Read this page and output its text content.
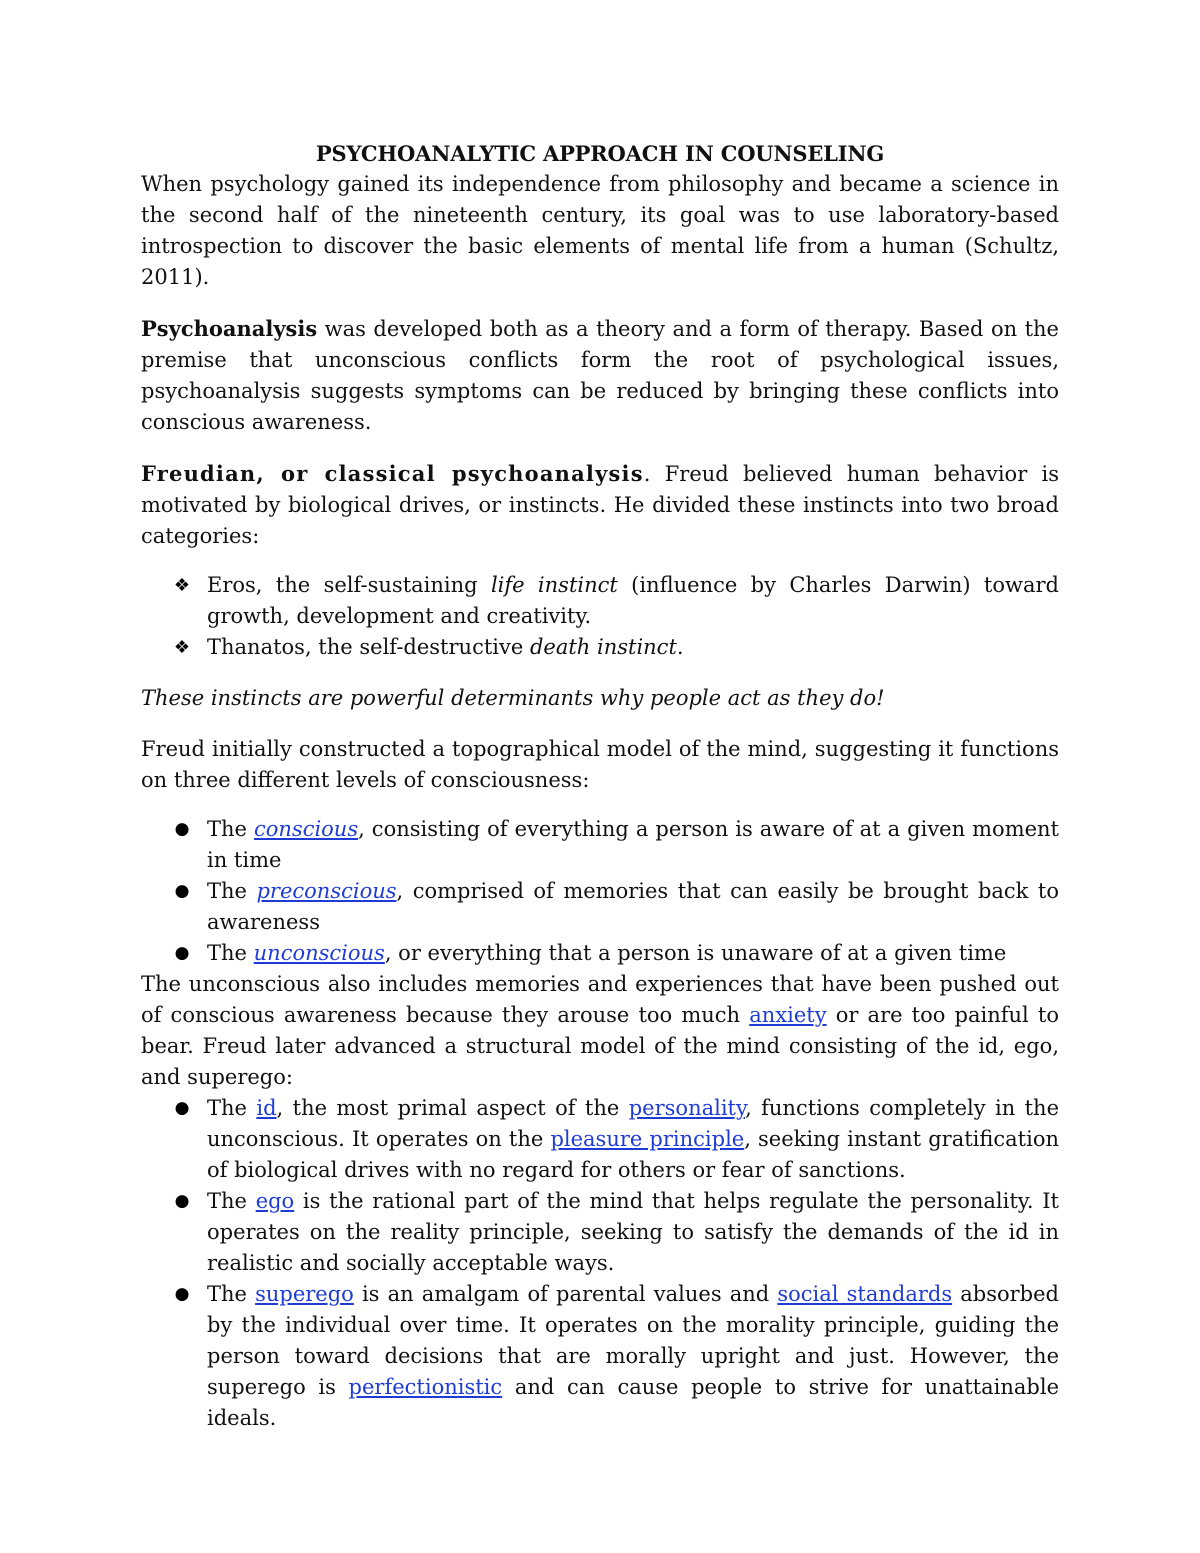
PSYCHOANALYTIC APPROACH IN COUNSELING

When psychology gained its independence from philosophy and became a science in the second half of the nineteenth century, its goal was to use laboratory-based introspection to discover the basic elements of mental life from a human (Schultz, 2011).

Psychoanalysis was developed both as a theory and a form of therapy. Based on the premise that unconscious conflicts form the root of psychological issues, psychoanalysis suggests symptoms can be reduced by bringing these conflicts into conscious awareness.

Freudian, or classical psychoanalysis. Freud believed human behavior is motivated by biological drives, or instincts. He divided these instincts into two broad categories:

❖ Eros, the self-sustaining life instinct (influence by Charles Darwin) toward growth, development and creativity.
❖ Thanatos, the self-destructive death instinct.

These instincts are powerful determinants why people act as they do!

Freud initially constructed a topographical model of the mind, suggesting it functions on three different levels of consciousness:

● The conscious, consisting of everything a person is aware of at a given moment in time
● The preconscious, comprised of memories that can easily be brought back to awareness
● The unconscious, or everything that a person is unaware of at a given time

The unconscious also includes memories and experiences that have been pushed out of conscious awareness because they arouse too much anxiety or are too painful to bear. Freud later advanced a structural model of the mind consisting of the id, ego, and superego:

● The id, the most primal aspect of the personality, functions completely in the unconscious. It operates on the pleasure principle, seeking instant gratification of biological drives with no regard for others or fear of sanctions.
● The ego is the rational part of the mind that helps regulate the personality. It operates on the reality principle, seeking to satisfy the demands of the id in realistic and socially acceptable ways.
● The superego is an amalgam of parental values and social standards absorbed by the individual over time. It operates on the morality principle, guiding the person toward decisions that are morally upright and just. However, the superego is perfectionistic and can cause people to strive for unattainable ideals.
